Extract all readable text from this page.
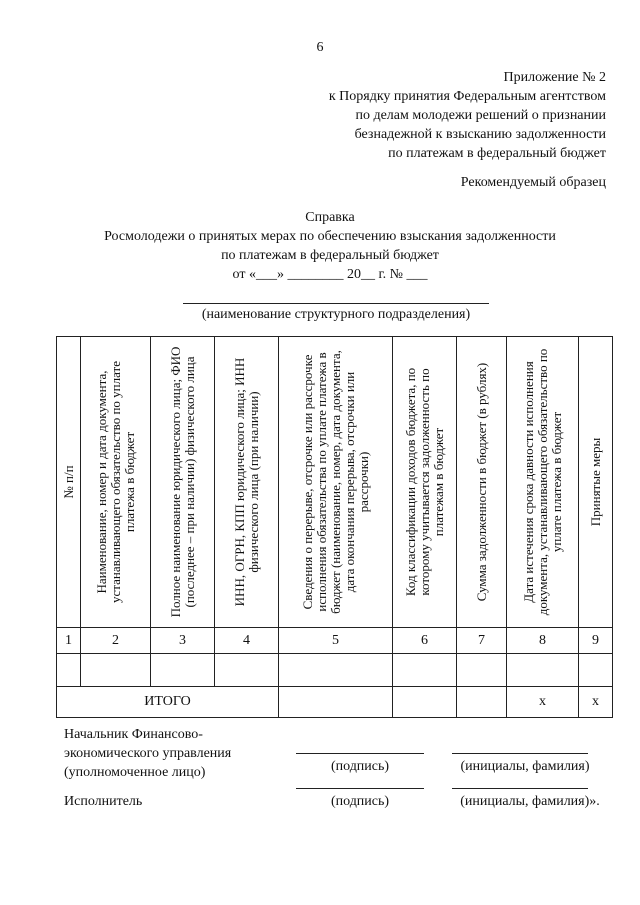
6
Приложение № 2
к Порядку принятия Федеральным агентством
по делам молодежи решений о признании
безнадежной к взысканию задолженности
по платежам в федеральный бюджет
Рекомендуемый образец
Справка
Росмолодежи о принятых мерах по обеспечению взыскания задолженности
по платежам в федеральный бюджет
от «___» ________ 20__ г. № ___
(наименование структурного подразделения)
№ п/п	Наименование, номер и дата документа, устанавливающего обязательство по уплате платежа в бюджет	Полное наименование юридического лица; ФИО (последнее – при наличии) физического лица	ИНН, ОГРН, КПП юридического лица; ИНН физического лица (при наличии)	Сведения о перерыве, отсрочке или рассрочке исполнения обязательства по уплате платежа в бюджет (наименование, номер, дата документа, дата окончания перерыва, отсрочки или рассрочки)	Код классификации доходов бюджета, по которому учитывается задолженность по платежам в бюджет	Сумма задолженности в бюджет (в рублях)	Дата истечения срока давности исполнения документа, устанавливающего обязательство по уплате платежа в бюджет	Принятые меры

1	2	3	4	5	6	7	8	9

ИТОГО							х	х
Начальник Финансово-
экономического управления
(уполномоченное лицо)	(подпись)	(инициалы, фамилия)
Исполнитель	(подпись)	(инициалы, фамилия)».
